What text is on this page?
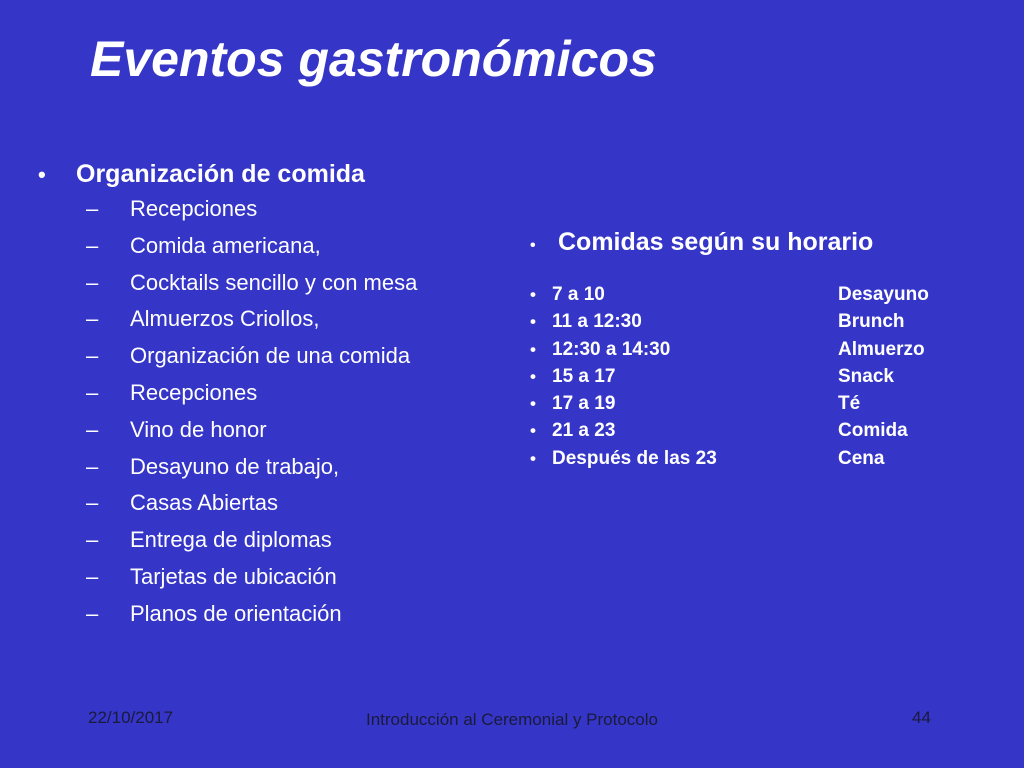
Eventos gastronómicos
•	Organización de comida
–	Recepciones
–	Comida americana,
–	Cocktails sencillo y con mesa
–	Almuerzos Criollos,
–	Organización de una comida
–	Recepciones
–	Vino de honor
–	Desayuno de trabajo,
–	Casas Abiertas
–	Entrega de diplomas
–	Tarjetas de ubicación
–	Planos de orientación
• Comidas según su horario
• 7 a 10	Desayuno
• 11 a 12:30	Brunch
• 12:30 a 14:30	Almuerzo
• 15 a 17	Snack
• 17 a 19	Té
• 21 a 23	Comida
• Después de las 23	Cena
22/10/2017	Introducción al Ceremonial y Protocolo	44
